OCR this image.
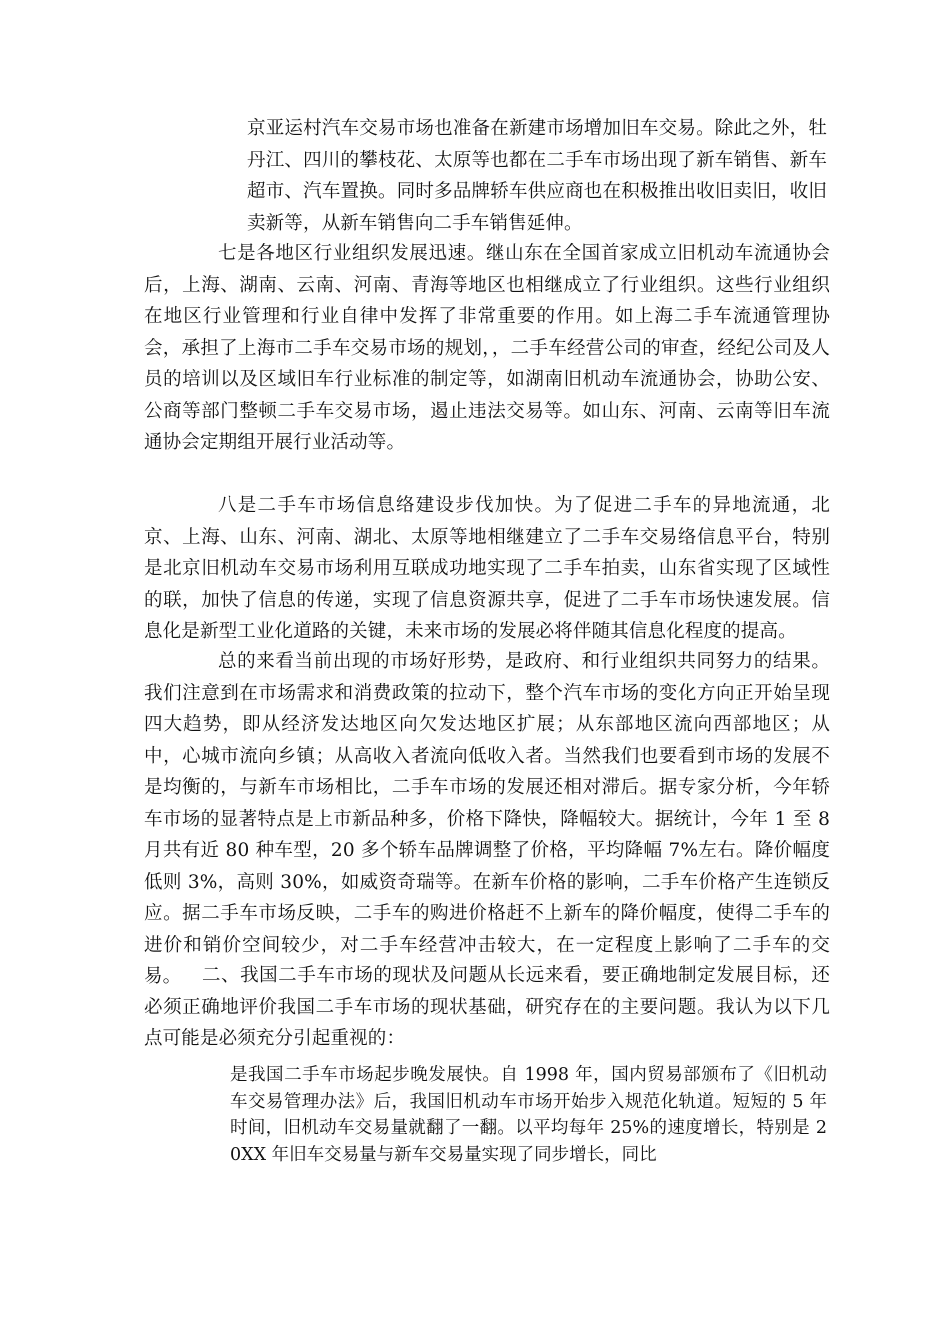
京亚运村汽车交易市场也准备在新建市场增加旧车交易。除此之外，牡丹江、四川的攀枝花、太原等也都在二手车市场出现了新车销售、新车超市、汽车置换。同时多品牌轿车供应商也在积极推出收旧卖旧，收旧卖新等，从新车销售向二手车销售延伸。

七是各地区行业组织发展迅速。继山东在全国首家成立旧机动车流通协会后，上海、湖南、云南、河南、青海等地区也相继成立了行业组织。这些行业组织在地区行业管理和行业自律中发挥了非常重要的作用。如上海二手车流通管理协会，承担了上海市二手车交易市场的规划，，二手车经营公司的审查，经纪公司及人员的培训以及区域旧车行业标准的制定等，如湖南旧机动车流通协会，协助公安、公商等部门整顿二手车交易市场，遏止违法交易等。如山东、河南、云南等旧车流通协会定期组开展行业活动等。

八是二手车市场信息络建设步伐加快。为了促进二手车的异地流通，北京、上海、山东、河南、湖北、太原等地相继建立了二手车交易络信息平台，特别是北京旧机动车交易市场利用互联成功地实现了二手车拍卖，山东省实现了区域性的联，加快了信息的传递，实现了信息资源共享，促进了二手车市场快速发展。信息化是新型工业化道路的关键，未来市场的发展必将伴随其信息化程度的提高。

总的来看当前出现的市场好形势，是政府、和行业组织共同努力的结果。我们注意到在市场需求和消费政策的拉动下，整个汽车市场的变化方向正开始呈现四大趋势，即从经济发达地区向欠发达地区扩展；从东部地区流向西部地区；从中，心城市流向乡镇；从高收入者流向低收入者。当然我们也要看到市场的发展不是均衡的，与新车市场相比，二手车市场的发展还相对滞后。据专家分析，今年轿车市场的显著特点是上市新品种多，价格下降快，降幅较大。据统计，今年 1 至 8 月共有近 80 种车型，20 多个轿车品牌调整了价格，平均降幅 7%左右。降价幅度低则 3%，高则 30%，如威资奇瑞等。在新车价格的影响，二手车价格产生连锁反应。据二手车市场反映，二手车的购进价格赶不上新车的降价幅度，使得二手车的进价和销价空间较少，对二手车经营冲击较大，在一定程度上影响了二手车的交易。	二、我国二手车市场的现状及问题从长远来看，要正确地制定发展目标，还必须正确地评价我国二手车市场的现状基础，研究存在的主要问题。我认为以下几点可能是必须充分引起重视的：

是我国二手车市场起步晚发展快。自 1998 年，国内贸易部颁布了《旧机动车交易管理办法》后，我国旧机动车市场开始步入规范化轨道。短短的 5 年时间，旧机动车交易量就翻了一翻。以平均每年 25%的速度增长，特别是 20XX 年旧车交易量与新车交易量实现了同步增长，同比
